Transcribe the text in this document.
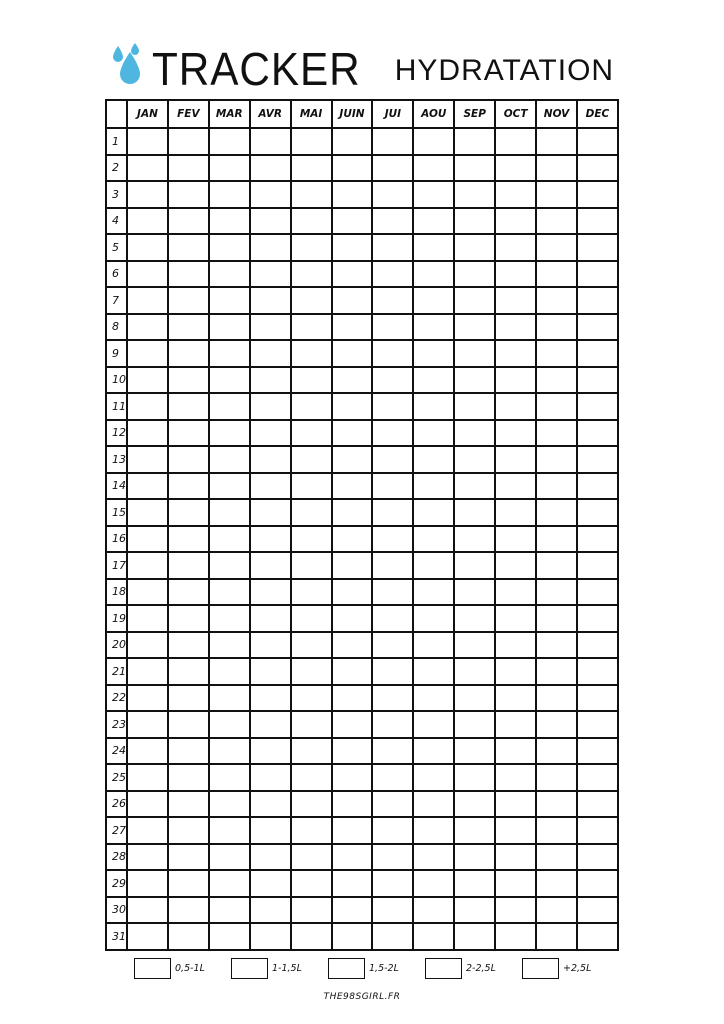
TRACKER HYDRATATION
	JAN	FEV	MAR	AVR	MAI	JUIN	JUI	AOU	SEP	OCT	NOV	DEC
1												
2												
3												
4												
5												
6												
7												
8												
9												
10												
11												
12												
13												
14												
15												
16												
17												
18												
19												
20												
21												
22												
23												
24												
25												
26												
27												
28												
29												
30												
31												
0,5-1L	1-1,5L	1,5-2L	2-2,5L	+2,5L
THE98SGIRL.FR
